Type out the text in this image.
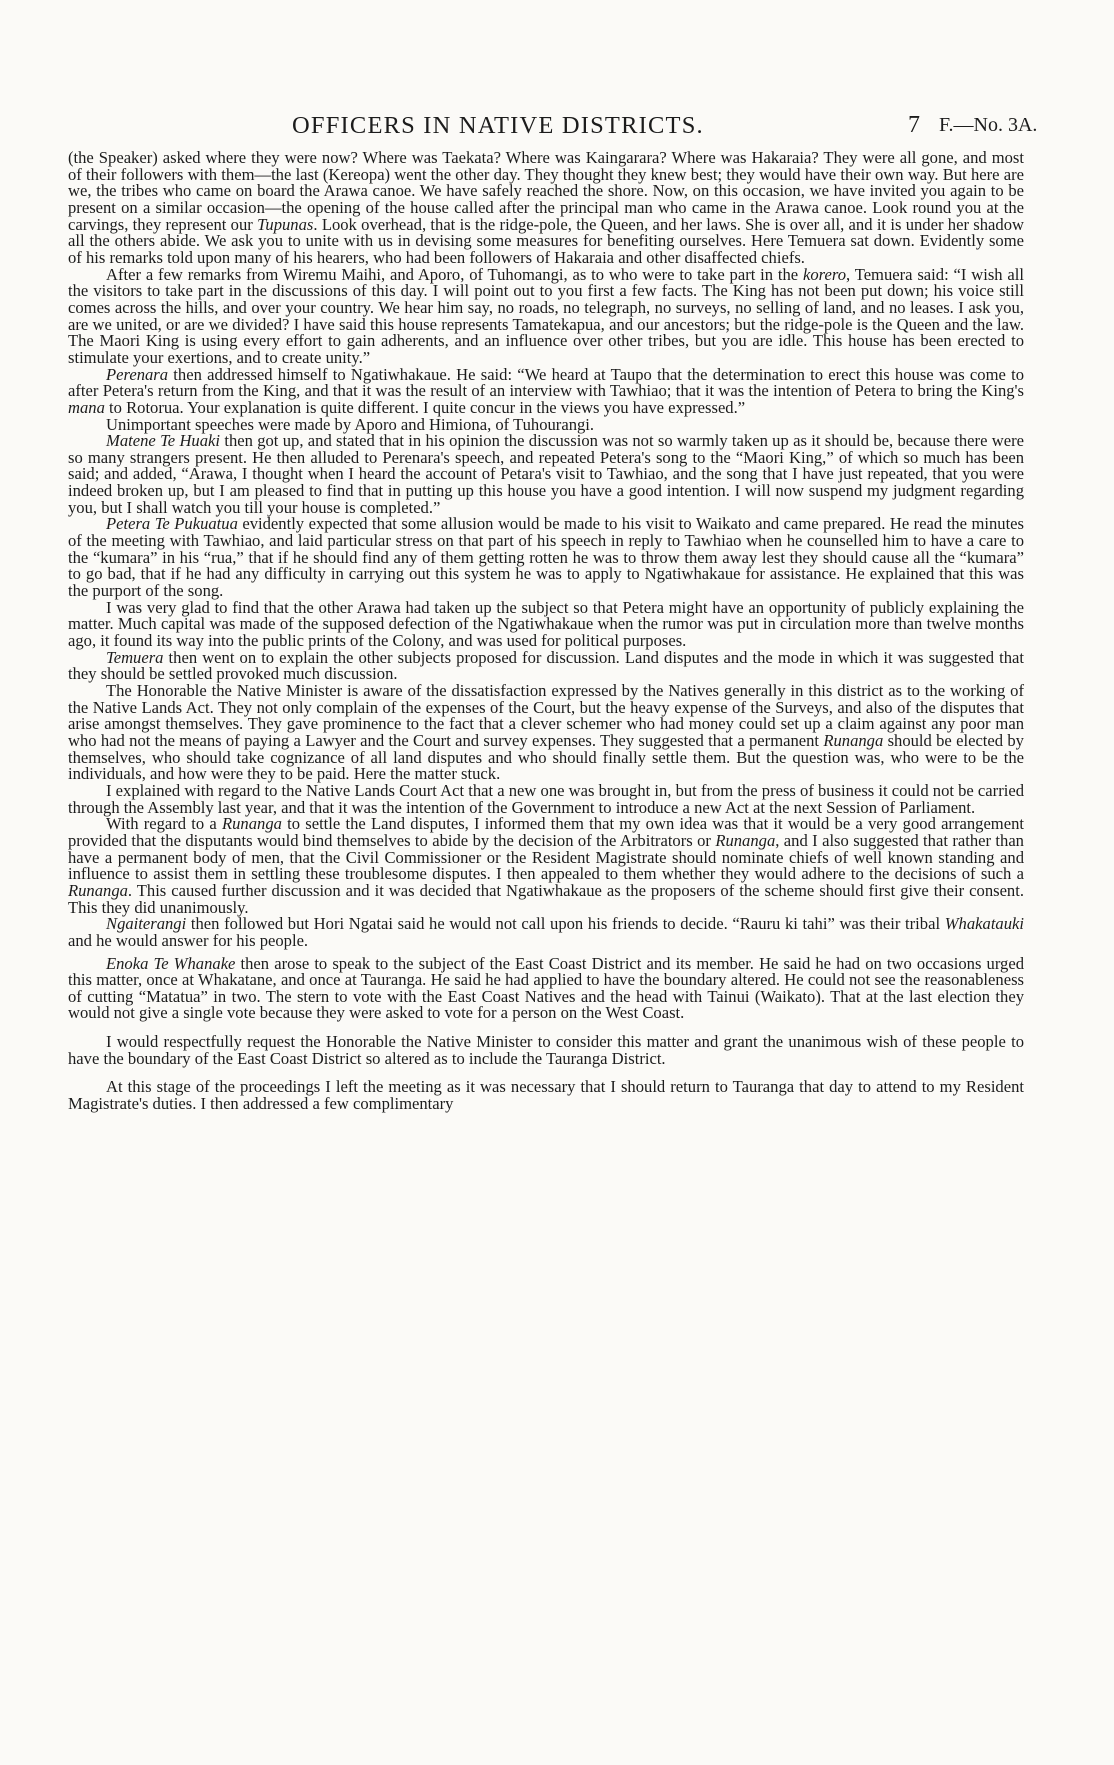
OFFICERS IN NATIVE DISTRICTS.	7 F.—No. 3A.

(the Speaker) asked where they were now? Where was Taekata? Where was Kaingarara? Where was Hakaraia? They were all gone, and most of their followers with them—the last (Kereopa) went the other day. They thought they knew best; they would have their own way. But here are we, the tribes who came on board the Arawa canoe. We have safely reached the shore. Now, on this occasion, we have invited you again to be present on a similar occasion—the opening of the house called after the principal man who came in the Arawa canoe. Look round you at the carvings, they represent our Tupunas. Look overhead, that is the ridge-pole, the Queen, and her laws. She is over all, and it is under her shadow all the others abide. We ask you to unite with us in devising some measures for benefiting ourselves. Here Temuera sat down. Evidently some of his remarks told upon many of his hearers, who had been followers of Hakaraia and other disaffected chiefs.

After a few remarks from Wiremu Maihi, and Aporo, of Tuhomangi, as to who were to take part in the korero, Temuera said: “I wish all the visitors to take part in the discussions of this day. I will point out to you first a few facts. The King has not been put down; his voice still comes across the hills, and over your country. We hear him say, no roads, no telegraph, no surveys, no selling of land, and no leases. I ask you, are we united, or are we divided? I have said this house represents Tamatekapua, and our ancestors; but the ridge-pole is the Queen and the law. The Maori King is using every effort to gain adherents, and an influence over other tribes, but you are idle. This house has been erected to stimulate your exertions, and to create unity.”

Perenara then addressed himself to Ngatiwhakaue. He said: “We heard at Taupo that the determination to erect this house was come to after Petera's return from the King, and that it was the result of an interview with Tawhiao; that it was the intention of Petera to bring the King's mana to Rotorua. Your explanation is quite different. I quite concur in the views you have expressed.”

Unimportant speeches were made by Aporo and Himiona, of Tuhourangi.

Matene Te Huaki then got up, and stated that in his opinion the discussion was not so warmly taken up as it should be, because there were so many strangers present. He then alluded to Perenara's speech, and repeated Petera's song to the “Maori King,” of which so much has been said; and added, “Arawa, I thought when I heard the account of Petara's visit to Tawhiao, and the song that I have just repeated, that you were indeed broken up, but I am pleased to find that in putting up this house you have a good intention. I will now suspend my judgment regarding you, but I shall watch you till your house is completed.”

Petera Te Pukuatua evidently expected that some allusion would be made to his visit to Waikato and came prepared. He read the minutes of the meeting with Tawhiao, and laid particular stress on that part of his speech in reply to Tawhiao when he counselled him to have a care to the “kumara” in his “rua,” that if he should find any of them getting rotten he was to throw them away lest they should cause all the “kumara” to go bad, that if he had any difficulty in carrying out this system he was to apply to Ngatiwhakaue for assistance. He explained that this was the purport of the song.

I was very glad to find that the other Arawa had taken up the subject so that Petera might have an opportunity of publicly explaining the matter. Much capital was made of the supposed defection of the Ngatiwhakaue when the rumor was put in circulation more than twelve months ago, it found its way into the public prints of the Colony, and was used for political purposes.

Temuera then went on to explain the other subjects proposed for discussion. Land disputes and the mode in which it was suggested that they should be settled provoked much discussion.

The Honorable the Native Minister is aware of the dissatisfaction expressed by the Natives generally in this district as to the working of the Native Lands Act. They not only complain of the expenses of the Court, but the heavy expense of the Surveys, and also of the disputes that arise amongst themselves. They gave prominence to the fact that a clever schemer who had money could set up a claim against any poor man who had not the means of paying a Lawyer and the Court and survey expenses. They suggested that a permanent Runanga should be elected by themselves, who should take cognizance of all land disputes and who should finally settle them. But the question was, who were to be the individuals, and how were they to be paid. Here the matter stuck.

I explained with regard to the Native Lands Court Act that a new one was brought in, but from the press of business it could not be carried through the Assembly last year, and that it was the intention of the Government to introduce a new Act at the next Session of Parliament.

With regard to a Runanga to settle the Land disputes, I informed them that my own idea was that it would be a very good arrangement provided that the disputants would bind themselves to abide by the decision of the Arbitrators or Runanga, and I also suggested that rather than have a permanent body of men, that the Civil Commissioner or the Resident Magistrate should nominate chiefs of well known standing and influence to assist them in settling these troublesome disputes. I then appealed to them whether they would adhere to the decisions of such a Runanga. This caused further discussion and it was decided that Ngatiwhakaue as the proposers of the scheme should first give their consent. This they did unanimously.

Ngaiterangi then followed but Hori Ngatai said he would not call upon his friends to decide. “Rauru ki tahi” was their tribal Whakatauki and he would answer for his people.

Enoka Te Whanake then arose to speak to the subject of the East Coast District and its member. He said he had on two occasions urged this matter, once at Whakatane, and once at Tauranga. He said he had applied to have the boundary altered. He could not see the reasonableness of cutting “Matatua” in two. The stern to vote with the East Coast Natives and the head with Tainui (Waikato). That at the last election they would not give a single vote because they were asked to vote for a person on the West Coast.

I would respectfully request the Honorable the Native Minister to consider this matter and grant the unanimous wish of these people to have the boundary of the East Coast District so altered as to include the Tauranga District.

At this stage of the proceedings I left the meeting as it was necessary that I should return to Tauranga that day to attend to my Resident Magistrate's duties. I then addressed a few complimentary
